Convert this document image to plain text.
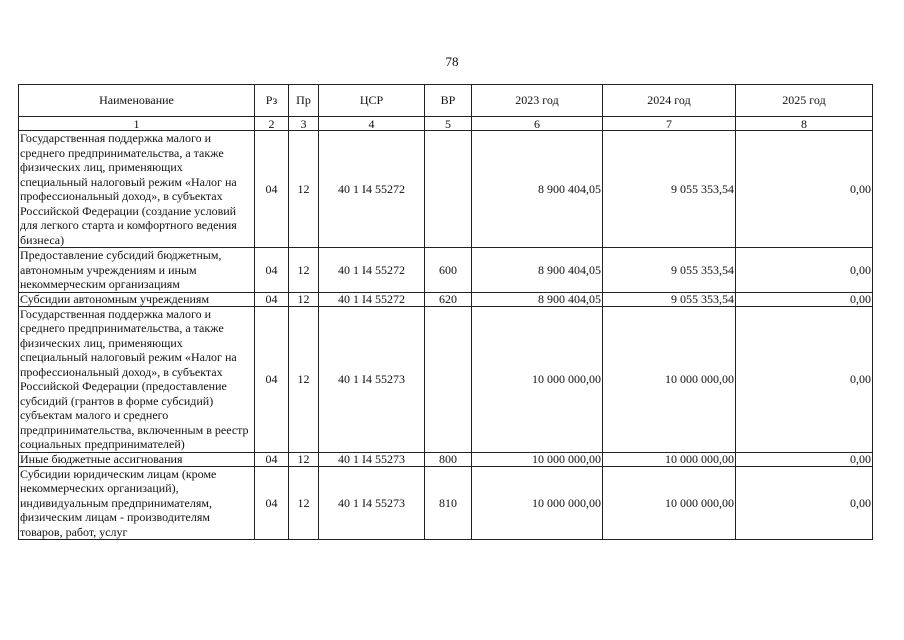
78
Наименование	Рз	Пр	ЦСР	ВР	2023 год	2024 год	2025 год
1	2	3	4	5	6	7	8
Государственная поддержка малого и среднего предпринимательства, а также физических лиц, применяющих специальный налоговый режим «Налог на профессиональный доход», в субъектах Российской Федерации (создание условий для легкого старта и комфортного ведения бизнеса)	04	12	40 1 I4 55272		8 900 404,05	9 055 353,54	0,00
Предоставление субсидий бюджетным, автономным учреждениям и иным некоммерческим организациям	04	12	40 1 I4 55272	600	8 900 404,05	9 055 353,54	0,00
Субсидии автономным учреждениям	04	12	40 1 I4 55272	620	8 900 404,05	9 055 353,54	0,00
Государственная поддержка малого и среднего предпринимательства, а также физических лиц, применяющих специальный налоговый режим «Налог на профессиональный доход», в субъектах Российской Федерации (предоставление субсидий (грантов в форме субсидий) субъектам малого и среднего предпринимательства, включенным в реестр социальных предпринимателей)	04	12	40 1 I4 55273		10 000 000,00	10 000 000,00	0,00
Иные бюджетные ассигнования	04	12	40 1 I4 55273	800	10 000 000,00	10 000 000,00	0,00
Субсидии юридическим лицам (кроме некоммерческих организаций), индивидуальным предпринимателям, физическим лицам - производителям товаров, работ, услуг	04	12	40 1 I4 55273	810	10 000 000,00	10 000 000,00	0,00
